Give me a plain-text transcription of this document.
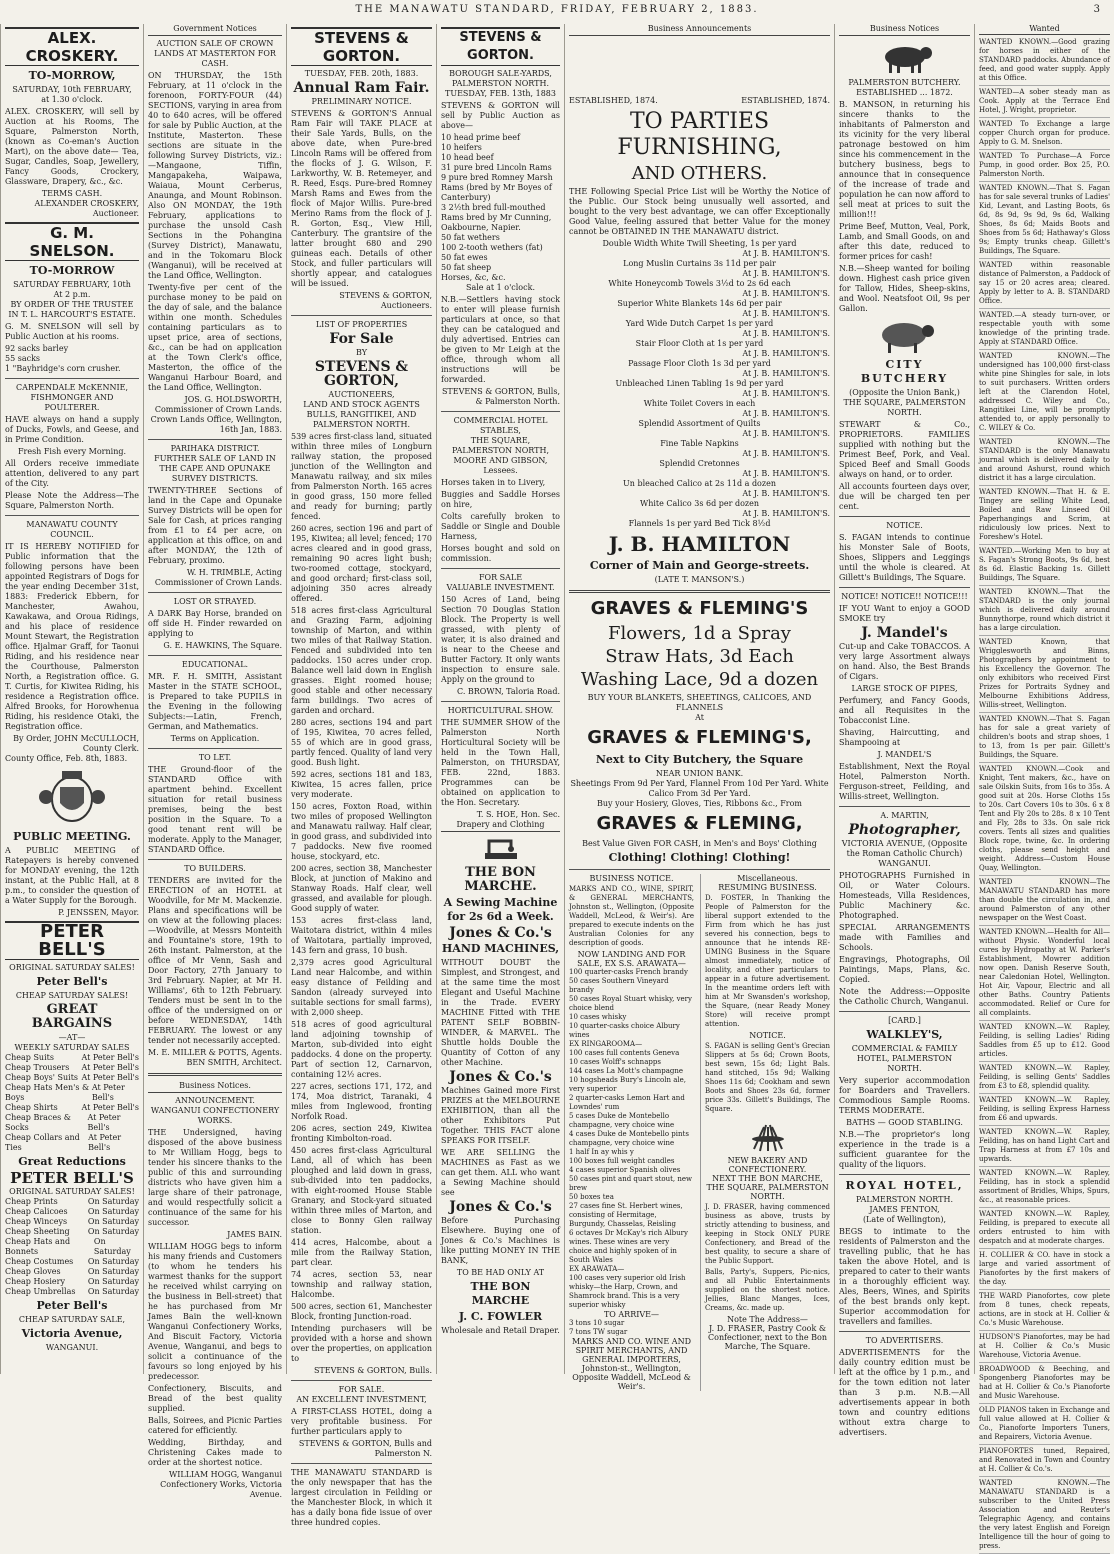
THE MANAWATU STANDARD, FRIDAY, FEBRUARY 2, 1883.	3
ALEX. CROSKERY.
TO-MORROW,
SATURDAY, 10th FEBRUARY,
at 1.30 o'clock.
ALEX. CROSKERY, will sell by Auction at his Rooms, The Square, Palmerston North, (known as Co-eman's Auction Mart), on the above date— Tea, Sugar, Candles, Soap, Jewellery, Fancy Goods, Crockery, Glassware, Drapery, &c., &c.
TERMS CASH.
ALEXANDER CROSKERY, Auctioneer.
G. M. SNELSON.
TO-MORROW
SATURDAY FEBRUARY, 10th
At 2 p.m.
BY ORDER OF THE TRUSTEE IN T. L. HARCOURT'S ESTATE.
G. M. SNELSON will sell by Public Auction at his rooms.
92 sacks barley
55 sacks
1 "Bayhridge's corn crusher.
CARPENDALE McKENNIE, FISHMONGER AND POULTERER.
HAVE always on hand a supply of Ducks, Fowls, and Geese, and in Prime Condition.
Fresh Fish every Morning.
All Orders receive immediate attention, delivered to any part of the City.
Please Note the Address—The Square, Palmerston North.
MANAWATU COUNTY COUNCIL.
IT IS HEREBY NOTIFIED for Public information that the following persons have been appointed Registrars of Dogs for the year ending December 31st, 1883: Frederick Ebbern, for Manchester, Awahou, Kawakawa, and Oroua Ridings, and his place of residence Mount Stewart, the Registration office. Hjalmar Graff, for Taonui Riding, and his residence near the Courthouse, Palmerston North, a Registration office. G. T. Curtis, for Kiwitea Riding, his residence a Registration office. Alfred Brooks, for Horowhenua Riding, his residence Otaki, the Registration office.
By Order, JOHN McCULLOCH, County Clerk.
County Office, Feb. 8th, 1883.
PUBLIC MEETING.
A PUBLIC MEETING of Ratepayers is hereby convened for MONDAY evening, the 12th instant, at the Public Hall, at 8 p.m., to consider the question of a Water Supply for the Borough.
P. JENSSEN, Mayor.
PETER BELL'S
ORIGINAL SATURDAY SALES!
Peter Bell's
CHEAP SATURDAY SALES!
GREAT BARGAINS
—AT—
WEEKLY SATURDAY SALES
Cheap Suits	At Peter Bell's
Cheap Trousers At Peter Bell's
Cheap Boys' Suits At Peter Bell's
Cheap Hats Men's & Boys
At Peter Bell's
Cheap Shirts	At Peter Bell's
Cheap Braces & Socks
At Peter Bell's
Cheap Collars and Ties
At Peter Bell's
Great Reductions
PETER BELL'S
ORIGINAL SATURDAY SALES!
Cheap Prints	On Saturday
Cheap Calicoes	On Saturday
Cheap Winceys	On Saturday
Cheap Sheeting On Saturday
Cheap Hats and Bonnets
On Saturday
Cheap Costumes On Saturday
Cheap Gloves	On Saturday
Cheap Hosiery	On Saturday
Cheap Umbrellas On Saturday
Peter Bell's
CHEAP SATURDAY SALE,
Victoria Avenue,
WANGANUI.
Government Notices
AUCTION SALE OF CROWN LANDS AT MASTERTON FOR CASH.
ON THURSDAY, the 15th February, at 11 o'clock in the forenoon, FORTY-FOUR (44) SECTIONS, varying in area from 40 to 640 acres, will be offered for sale by Public Auction, at the Institute, Masterton. These sections are situate in the following Survey Districts, viz.:—Mangaone, Tiffin, Mangapakeha, Waipawa, Waiaua, Mount Cerberus, Anaunga, and Mount Robinson. Also ON MONDAY, the 19th February, applications to purchase the unsold Cash Sections in the Pohangina (Survey District), Manawatu, and in the Tokomaru Block (Wanganui), will be received at the Land Office, Wellington.
Twenty-five per cent of the purchase money to be paid on the day of sale, and the balance within one month. Schedules containing particulars as to upset price, area of sections, &c., can be had on application at the Town Clerk's office, Masterton, the office of the Wanganui Harbour Board, and the Land Office, Wellington.
JOS. G. HOLDSWORTH, Commissioner of Crown Lands. Crown Lands Office, Wellington, 16th Jan, 1883.
PARIHAKA DISTRICT.
FURTHER SALE OF LAND IN THE CAPE AND OPUNAKE SURVEY DISTRICTS.
TWENTY-THREE Sections of land in the Cape and Opunake Survey Districts will be open for Sale for Cash, at prices ranging from £1 to £4 per acre, on application at this office, on and after MONDAY, the 12th of February, proximo.
W. H. TRIMBLE, Acting Commissioner of Crown Lands.
LOST OR STRAYED.
A DARK Bay Horse, branded on off side H. Finder rewarded on applying to
G. E. HAWKINS, The Square.
EDUCATIONAL.
MR. F. H. SMITH, Assistant Master in the STATE SCHOOL, is Prepared to take PUPILS in the Evening in the following Subjects:—Latin, French, German, and Mathematics.
Terms on Application.
TO LET.
THE Ground-floor of the STANDARD Office with apartment behind. Excellent situation for retail business premises, being the best position in the Square. To a good tenant rent will be moderate. Apply to the Manager, STANDARD Office.
TO BUILDERS.
TENDERS are invited for the ERECTION of an HOTEL at Woodville, for Mr M. Mackenzie. Plans and specifications will be on view at the following places:—Woodville, at Messrs Monteith and Fountaine's store, 19th to 26th instant. Palmerston, at the office of Mr Venn, Sash and Door Factory, 27th January to 3rd February. Napier, at Mr H. Williams', 6th to 12th February. Tenders must be sent in to the office of the undersigned on or before WEDNESDAY, 14th FEBRUARY. The lowest or any tender not necessarily accepted.
M. E. MILLER & POTTS, Agents. BEN SMITH, Architect.
Business Notices.
ANNOUNCEMENT.
WANGANUI CONFECTIONERY WORKS.
THE Undersigned, having disposed of the above business to Mr William Hogg, begs to tender his sincere thanks to the public of this and surrounding districts who have given him a large share of their patronage, and would respectfully solicit a continuance of the same for his successor.
JAMES BAIN.
WILLIAM HOGG begs to inform his many friends and Customers (to whom he tenders his warmest thanks for the support he received whilst carrying on the business in Bell-street) that he has purchased from Mr James Bain the well-known Wanganui Confectionery Works, And Biscuit Factory, Victoria Avenue, Wanganui, and begs to solicit a continuance of the favours so long enjoyed by his predecessor.
Confectionery, Biscuits, and Bread of the best quality supplied.
Balls, Soirees, and Picnic Parties catered for efficiently.
Wedding, Birthday, and Christening Cakes made to order at the shortest notice.
WILLIAM HOGG, Wanganui Confectionery Works, Victoria Avenue.
STEVENS & GORTON.
TUESDAY, FEB. 20th, 1883.
Annual Ram Fair.
PRELIMINARY NOTICE.
STEVENS & GORTON'S Annual Ram Fair will TAKE PLACE at their Sale Yards, Bulls, on the above date, when Pure-bred Lincoln Rams will be offered from the flocks of J. G. Wilson, F. Larkworthy, W. B. Retemeyer, and R. Reed, Esqs. Pure-bred Romney Marsh Rams and Ewes from the flock of Major Willis. Pure-bred Merino Rams from the flock of J. R. Gorton, Esq., View Hill, Canterbury. The grantsire of the latter brought 680 and 290 guineas each. Details of other Stock, and fuller particulars will shortly appear, and catalogues will be issued.
STEVENS & GORTON, Auctioneers.
LIST OF PROPERTIES
For Sale
BY
STEVENS & GORTON,
AUCTIONEERS,
LAND AND STOCK AGENTS
BULLS, RANGITIKEI, AND PALMERSTON NORTH.
539 acres first-class land, situated within three miles of Longburn railway station, the proposed junction of the Wellington and Manawatu railway, and six miles from Palmerston North. 165 acres in good grass, 150 more felled and ready for burning; partly fenced.
260 acres, section 196 and part of 195, Kiwitea; all level; fenced; 170 acres cleared and in good grass, remaining 90 acres light bush; two-roomed cottage, stockyard, and good orchard; first-class soil, adjoining 350 acres already offered.
518 acres first-class Agricultural and Grazing Farm, adjoining township of Marton, and within two miles of that Railway Station. Fenced and subdivided into ten paddocks. 150 acres under crop. Balance well laid down in English grasses. Eight roomed house; good stable and other necessary farm buildings. Two acres of garden and orchard.
280 acres, sections 194 and part of 195, Kiwitea, 70 acres felled, 55 of which are in good grass, partly fenced. Quality of land very good. Bush light.
592 acres, sections 181 and 183, Kiwitea, 15 acres fallen, price very moderate.
150 acres, Foxton Road, within two miles of proposed Wellington and Manawatu railway. Half clear, in good grass, and subdivided into 7 paddocks. New five roomed house, stockyard, etc.
200 acres, section 38, Manchester Block, at junction of Makino and Stanway Roads. Half clear, well grassed, and available for plough. Good supply of water.
153 acres first-class land, Waitotara district, within 4 miles of Waitotara, partially improved, 143 fern and grass, 10 bush.
2,379 acres good Agricultural Land near Halcombe, and within easy distance of Feilding and Sandon (already surveyed into suitable sections for small farms), with 2,000 sheep.
518 acres of good agricultural land adjoining township of Marton, sub-divided into eight paddocks. 4 done on the property. Part of section 12, Carnarvon, containing 12½ acres.
227 acres, sections 171, 172, and 174, Moa district, Taranaki, 4 miles from Inglewood, fronting Norfolk Road.
206 acres, section 249, Kiwitea fronting Kimbolton-road.
450 acres first-class Agricultural Land, all of which has been ploughed and laid down in grass, sub-divided into ten paddocks, with eight-roomed House Stable Granary, and Stock-yard situated within three miles of Marton, and close to Bonny Glen railway station.
414 acres, Halcombe, about a mile from the Railway Station, part clear.
74 acres, section 53, near township and railway station, Halcombe.
500 acres, section 61, Manchester Block, fronting Junction-road.
Intending purchasers will be provided with a horse and shown over the properties, on application to
STEVENS & GORTON, Bulls.
FOR SALE.
AN EXCELLENT INVESTMENT,
A FIRST-CLASS HOTEL, doing a very profitable business. For further particulars apply to
STEVENS & GORTON, Bulls and Palmerston N.
THE MANAWATU STANDARD is the only newspaper that has the largest circulation in Feilding or the Manchester Block, in which it has a daily bona fide issue of over three hundred copies.
STEVENS & GORTON.
BOROUGH SALE-YARDS, PALMERSTON NORTH.
TUESDAY, FEB. 13th, 1883
STEVENS & GORTON will sell by Public Auction as above—
10 head prime beef
10 heifers
10 head beef
31 pure bred Lincoln Rams
9 pure bred Romney Marsh Rams (bred by Mr Boyes of Canterbury)
3 2½th bred full-mouthed Rams bred by Mr Cunning, Oakbourne, Napier.
50 fat wethers
100 2-tooth wethers (fat)
50 fat ewes
50 fat sheep
Horses, &c, &c.
Sale at 1 o'clock.
N.B.—Settlers having stock to enter will please furnish particulars at once, so that they can be catalogued and duly advertised. Entries can be given to Mr Leigh at the office, through whom all instructions will be forwarded.
STEVENS & GORTON, Bulls, & Palmerston North.
COMMERCIAL HOTEL STABLES,
THE SQUARE, PALMERSTON NORTH,
MOORE AND GIBSON, Lessees.
Horses taken in to Livery,
Buggies and Saddle Horses on hire,
Colts carefully broken to Saddle or Single and Double Harness,
Horses bought and sold on commission.
FOR SALE
VALUABLE INVESTMENT.
150 Acres of Land, being Section 70 Douglas Station Block. The Property is well grassed, with plenty of water, it is also drained and is near to the Cheese and Butter Factory. It only wants inspection to ensure sale. Apply on the ground to
C. BROWN, Taloria Road.
HORTICULTURAL SHOW.
THE SUMMER SHOW of the Palmerston North Horticultural Society will be held in the Town Hall, Palmerston, on THURSDAY, FEB. 22nd, 1883. Programmes can be obtained on application to the Hon. Secretary.
T. S. HOE, Hon. Sec.
Drapery and Clothing
THE BON MARCHE.
A Sewing Machine for 2s 6d a Week.
Jones & Co.'s
HAND MACHINES,
WITHOUT DOUBT the Simplest, and Strongest, and at the same time the most Elegant and Useful Machine in the Trade. EVERY MACHINE Fitted with THE PATENT SELF BOBBIN-WINDER, & MARVEL. The Shuttle holds Double the Quantity of Cotton of any other Machine.
Jones & Co.'s
Machines Gained more First PRIZES at the MELBOURNE EXHIBITION, than all the other Exhibitors Put Together. THIS FACT alone SPEAKS FOR ITSELF.
WE ARE SELLING the MACHINES as Fast as we can get them. ALL who want a Sewing Machine should see
Jones & Co.'s
Before Purchasing Elsewhere. Buying one of Jones & Co.'s Machines is like putting MONEY IN THE BANK,
TO BE HAD ONLY AT
THE BON MARCHE
J. C. FOWLER
Wholesale and Retail Draper.
Business Announcements
ESTABLISHED, 1874.	ESTABLISHED, 1874.
TO PARTIES FURNISHING,
AND OTHERS.
THE Following Special Price List will be Worthy the Notice of the Public. Our Stock being unusually well assorted, and bought to the very best advantage, we can offer Exceptionally Good Value, feeling assured that better Value for the money cannot be OBTAINED IN THE MANAWATU district.
Double Width White Twill Sheeting, 1s per yard
At J. B. HAMILTON'S.
Long Muslin Curtains 3s 11d per pair
At J. B. HAMILTON'S.
White Honeycomb Towels 3½d to 2s 6d each
At J. B. HAMILTON'S.
Superior White Blankets 14s 6d per pair
At J. B. HAMILTON'S.
Yard Wide Dutch Carpet 1s per yard
At J. B. HAMILTON'S.
Stair Floor Cloth at 1s per yard
At J. B. HAMILTON'S.
Passage Floor Cloth 1s 3d per yard
At J. B. HAMILTON'S.
Unbleached Linen Tabling 1s 9d per yard
At J. B. HAMILTON'S.
White Toilet Covers in each
At J. B. HAMILTON'S.
Splendid Assortment of Quilts
At J. B. HAMILTON'S.
Fine Table Napkins
At J. B. HAMILTON'S.
Splendid Cretonnes
At J. B. HAMILTON'S.
Un bleached Calico at 2s 11d a dozen
At J. B. HAMILTON'S.
White Calico 3s 6d per dozen
At J. B. HAMILTON'S.
Flannels 1s per yard Bed Tick 8½d
J. B. HAMILTON
Corner of Main and George-streets.
(LATE T. MANSON'S.)
GRAVES & FLEMING'S
Flowers, 1d a Spray
Straw Hats, 3d Each
Washing Lace, 9d a dozen
BUY YOUR BLANKETS, SHEETINGS, CALICOES, AND FLANNELS
At
GRAVES & FLEMING'S,
Next to City Butchery, the Square
NEAR UNION BANK.
Sheetings From 9d Per Yard, Flannel From 10d Per Yard. White Calico From 3d Per Yard.
Buy your Hosiery, Gloves, Ties, Ribbons &c., From
GRAVES & FLEMING,
Best Value Given FOR CASH, in Men's and Boys' Clothing
Clothing! Clothing! Clothing!
BUSINESS NOTICE.
MARKS AND CO., WINE, SPIRIT, & GENERAL MERCHANTS, Johnston st., Wellington, (Opposite Waddell, McLeod, & Weir's). Are prepared to execute indents on the Australian Colonies for any description of goods.
NOW LANDING AND FOR SALE, EX S.S. ARAWATA—
100 quarter-casks French brandy
50 cases Southern Vineyard brandy
50 cases Royal Stuart whisky, very choice blend
10 cases whisky
10 quarter-casks choice Albury wines
EX RINGAROOMA—
100 cases full contents Geneva
10 cases Wolff's schnapps
144 cases La Mott's champagne
10 hogsheads Bury's Lincoln ale, very superior
2 quarter-casks Lemon Hart and Lowndes' rum
5 cases Duke de Montebello champagne, very choice wine
4 cases Duke de Montebello pints champagne, very choice wine
1 half In ay whis y
100 boxes full weight candles
4 cases superior Spanish olives
50 cases pint and quart stout, new brew
50 boxes tea
27 cases fine St. Herbert wines, consisting of Hermitage, Burgundy, Chasselas, Reisling
6 octaves Dr McKay's rich Albury wines. These wines are very choice and highly spoken of in South Wales
EX ARAWATA—
100 cases very superior old Irish whisky—the Harp, Crown, and Shamrock brand. This is a very superior whisky
TO ARRIVE—
3 tons 10 sugar
7 tons TW sugar
MARKS AND CO. WINE AND SPIRIT MERCHANTS, AND GENERAL IMPORTERS, Johnston-st., Wellington, Opposite Waddell, McLeod & Weir's.
Miscellaneous.
RESUMING BUSINESS.
D. FOSTER, In Thanking the People of Palmerston for the liberal support extended to the Firm from which he has just severed his connection, begs to announce that he intends RE-UMING Business in the Square almost immediately, notice of locality, and other particulars to appear in a future advertisement. In the meantime orders left with him at Mr Swansden's workshop, the Square, (near Ready Money Store) will receive prompt attention.
NOTICE.
S. FAGAN is selling Gent's Grecian Slippers at 5s 6d; Crown Boots, best sewn, 15s 6d; Light Bals. hand stitched, 15s 9d; Walking Shoes 11s 6d; Cookham and sewn Boots and Shoes 23s 6d, former price 33s. Gillett's Buildings, The Square.
NEW BAKERY AND CONFECTIONERY.
NEXT THE BON MARCHE, THE SQUARE, PALMERSTON NORTH.
J. D. FRASER, having commenced business as above, trusts by strictly attending to business, and keeping in Stock ONLY PURE Confectionery, and Bread of the best quality, to secure a share of the Public Support.
Balls, Party's, Suppers, Pic-nics, and all Public Entertainments supplied on the shortest notice. Jellies, Blanc Manges, Ices, Creams, &c. made up.
Note The Address—
J. D. FRASER, Pastry Cook & Confectioner, next to the Bon Marche, The Square.
Business Notices
PALMERSTON BUTCHERY.
ESTABLISHED ... 1872.
B. MANSON, in returning his sincere thanks to the inhabitants of Palmerston and its vicinity for the very liberal patronage bestowed on him since his commencement in the butchery business, begs to announce that in consequence of the increase of trade and population he can now afford to sell meat at prices to suit the million!!!
Prime Beef, Mutton, Veal, Pork, Lamb, and Small Goods, on and after this date, reduced to former prices for cash!
N.B.—Sheep wanted for boiling down. Highest cash price given for Tallow, Hides, Sheep-skins, and Wool. Neatsfoot Oil, 9s per Gallon.
CITY BUTCHERY
(Opposite the Union Bank,) THE SQUARE, PALMERSTON NORTH.
STEWART & Co., PROPRIETORS. FAMILIES supplied with nothing but the Primest Beef, Pork, and Veal. Spiced Beef and Small Goods always on hand, or to order.
All accounts fourteen days over, due will be charged ten per cent.
NOTICE.
S. FAGAN intends to continue his Monster Sale of Boots, Shoes, Slippers and Leggings until the whole is cleared. At Gillett's Buildings, The Square.
NOTICE! NOTICE!! NOTICE!!!
IF YOU Want to enjoy a GOOD SMOKE try
J. Mandel's
Cut-up and Cake TOBACCOS. A very large Assortment always on hand. Also, the Best Brands of Cigars.
LARGE STOCK OF PIPES,
Perfumery, and Fancy Goods, and all Requisites in the Tobacconist Line.
Shaving, Haircutting, and Shampooing at
J. MANDEL'S
Establishment, Next the Royal Hotel, Palmerston North. Ferguson-street, Feilding, and Willis-street, Wellington.
A. MARTIN,
Photographer,
VICTORIA AVENUE, (Opposite the Roman Catholic Church) WANGANUI.
PHOTOGRAPHS Furnished in Oil, or Water Colours. Homesteads, Villa Residences, Public Machinery &c. Photographed.
SPECIAL ARRANGEMENTS made with Families and Schools.
Engravings, Photographs, Oil Paintings, Maps, Plans, &c. Copied.
Note the Address:—Opposite the Catholic Church, Wanganui.
[CARD.]
WALKLEY'S,
COMMERCIAL & FAMILY HOTEL, PALMERSTON NORTH.
Very superior accommodation for Boarders and Travellers. Commodious Sample Rooms. TERMS MODERATE.
BATHS — GOOD STABLING.
N.B.—The proprietor's long experience in the trade is a sufficient guarantee for the quality of the liquors.
ROYAL HOTEL,
PALMERSTON NORTH.
JAMES FENTON,
(Late of Wellington),
BEGS to intimate to the residents of Palmerston and the travelling public, that he has taken the above Hotel, and is prepared to cater to their wants in a thoroughly efficient way. Ales, Beers, Wines, and Spirits of the best brands only kept. Superior accommodation for travellers and families.
TO ADVERTISERS.
ADVERTISEMENTS for the daily country edition must be left at the office by 1 p.m., and for the town edition not later than 3 p.m. N.B.—All advertisements appear in both town and country editions without extra charge to advertisers.
Wanted
WANTED KNOWN.—Good grazing for horses in either of the STANDARD paddocks. Abundance of feed, and good water supply. Apply at this Office.
WANTED—A sober steady man as Cook. Apply at the Terrace End Hotel, J. Wright, proprietor.
WANTED To Exchange a large copper Church organ for produce. Apply to G. M. Snelson.
WANTED To Purchase—A Force Pump, in good order. Box 25, P.O. Palmerston North.
WANTED KNOWN.—That S. Fagan has for sale several trunks of Ladies' Kid, Levant, and Lasting Boots, 6s 6d, 8s 9d, 9s 9d, 9s 6d, Walking Shoes, 8s 6d; Maids Boots and Shoes from 5s 6d; Hathaway's Gloss 9s; Empty trunks cheap. Gillett's Buildings, The Square.
WANTED within reasonable distance of Palmerston, a Paddock of say 15 or 20 acres area; cleared. Apply by letter to A. B. STANDARD Office.
WANTED.—A steady turn-over, or respectable youth with some knowledge of the printing trade. Apply at STANDARD Office.
WANTED KNOWN.—The undersigned has 100,000 first-class white pine Shingles for sale, in lots to suit purchasers. Written orders left at the Clarendon Hotel, addressed C. Wiley and Co., Rangitikei Line, will be promptly attended to, or apply personally to C. WILEY & Co.
WANTED KNOWN.—The STANDARD is the only Manawatu journal which is delivered daily to and around Ashurst, round which district it has a large circulation.
WANTED KNOWN.—That H. & E. Tingey are selling White Lead, Boiled and Raw Linseed Oil Paperhangings and Scrim, at ridiculously low prices. Next to Foreshew's Hotel.
WANTED.—Working Men to buy at S. Fagan's Strong Boots, 9s 6d, best 8s 6d. Elastic Backing 1s. Gillett Buildings, The Square.
WANTED KNOWN.—That the STANDARD is the only journal which is delivered daily around Bunnythorpe, round which district it has a large circulation.
WANTED Known, that Wrigglesworth and Binns, Photographers by appointment to his Excellency the Governor. The only exhibitors who received First Prizes for Portraits Sydney and Melbourne Exhibitions Address, Willis-street, Wellington.
WANTED KNOWN.—That S. Fagan has for sale a great variety of children's boots and strap shoes, 1 to 13, from 1s per pair. Gillett's Buildings, the Square.
WANTED KNOWN.—Cook and Knight, Tent makers, &c., have on sale Oilskin Suits, from 16s to 35s. A good suit at 20s. Horse Cloths 15s to 20s. Cart Covers 10s to 30s. 6 x 8 Tent and Fly 20s to 28s. 8 x 10 Tent and Fly, 28s to 33s. On sale rick covers. Tents all sizes and qualities Block rope, twine, &c. In ordering cloths, please send height and weight. Address—Custom House Quay, Wellington.
WANTED KNOWN—The MANAWATU STANDARD has more than double the circulation in, and around Palmerston of any other newspaper on the West Coast.
WANTED KNOWN.—Health for All—without Physic. Wonderful local cures by Hydropathy at W. Parker's Establishment, Mowrer addition now open. Danish Reserve South, near Caledonian Hotel, Wellington. Hot Air, Vapour, Electric and all other Baths. Country Patients accommodated. Relief or Cure for all complaints.
WANTED KNOWN.—W. Rapley, Feilding, is selling Ladies' Riding Saddles from £5 up to £12. Good articles.
WANTED KNOWN.—W. Rapley, Feilding, is selling Gents' Saddles from £3 to £8, splendid quality.
WANTED KNOWN.—W. Rapley, Feilding, is selling Express Harness from £6 and upwards.
WANTED KNOWN.—W. Rapley, Feilding, has on hand Light Cart and Trap Harness at from £7 10s and upwards.
WANTED KNOWN.—W. Rapley, Feilding, has in stock a splendid assortment of Bridles, Whips, Spurs, &c., at reasonable prices.
WANTED KNOWN.—W. Rapley, Feilding, is prepared to execute all orders entrusted to him with despatch and at moderate charges.
H. COLLIER & CO. have in stock a large and varied assortment of Pianofortes by the first makers of the day.
THE WARD Pianofortes, cow plete from 8 tunes, check repeats, actions, are in stock at H. Collier & Co.'s Music Warehouse.
HUDSON'S Pianofortes, may be had at H. Collier & Co.'s Music Warehouse, Victoria Avenue.
BROADWOOD & Beeching, and Spongenberg Pianofortes may be had at H. Collier & Co.'s Pianoforte and Music Warehouse.
OLD PIANOS taken in Exchange and full value allowed at H. Collier & Co., Pianoforte Importers Tuners, and Repairers, Victoria Avenue.
PIANOFORTES tuned, Repaired, and Renovated in Town and Country at H. Collier & Co.'s.
WANTED KNOWN.—The MANAWATU STANDARD is a subscriber to the United Press Association and Reuter's Telegraphic Agency, and contains the very latest English and Foreign Intelligence till the hour of going to press.
